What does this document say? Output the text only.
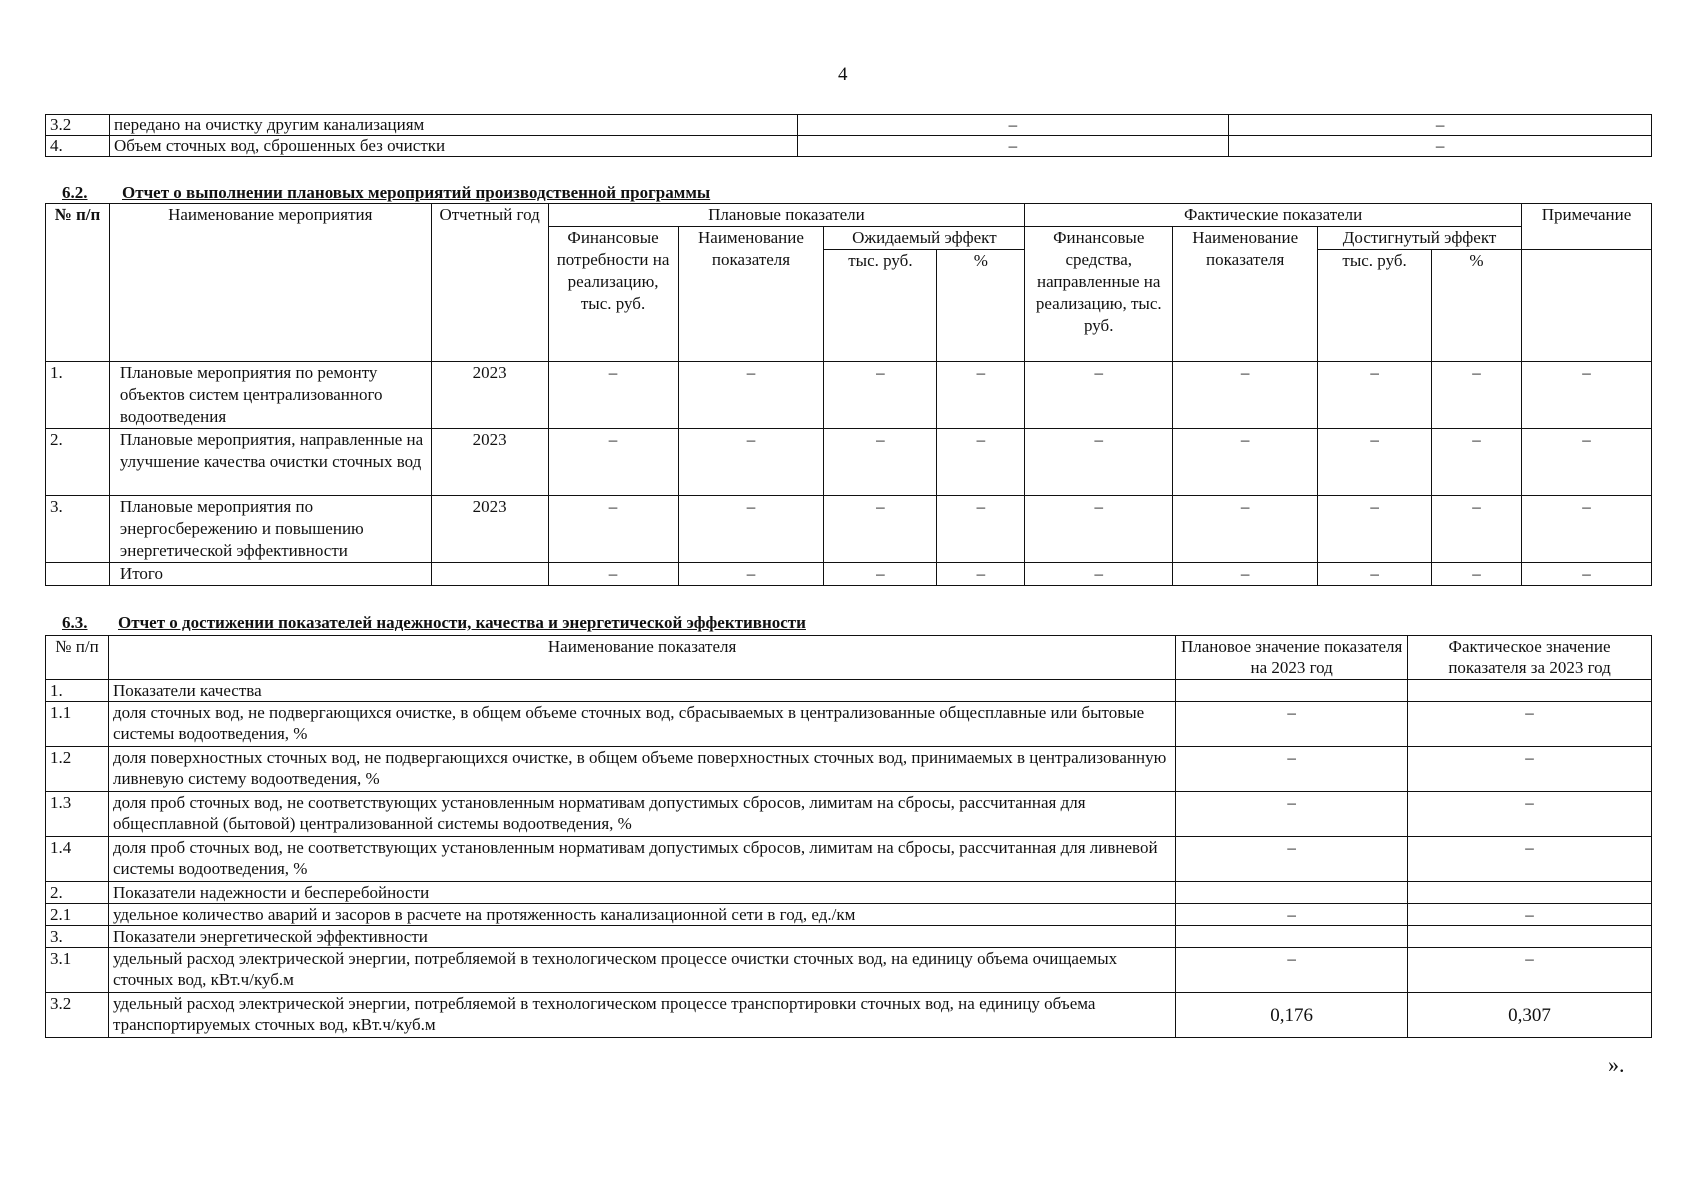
4
3.2	передано на очистку другим канализациям	–	–
4.	Объем сточных вод, сброшенных без очистки	–	–
6.2. Отчет о выполнении плановых мероприятий производственной программы
№ п/п	Наименование мероприятия	Отчетный год	Плановые показатели				Фактические показатели				Примечание
			Финансовые потребности на реализацию, тыс. руб.	Наименование показателя	Ожидаемый эффект		Финансовые средства, направленные на реализацию, тыс. руб.	Наименование показателя	Достигнутый эффект		
					тыс. руб.	%			тыс. руб.	%	
1.	Плановые мероприятия по ремонту объектов систем централизованного водоотведения	2023	–	–	–	–	–	–	–	–	–
2.	Плановые мероприятия, направленные на улучшение качества очистки сточных вод	2023	–	–	–	–	–	–	–	–	–
3.	Плановые мероприятия по энергосбережению и повышению энергетической эффективности	2023	–	–	–	–	–	–	–	–	–
	Итого		–	–	–	–	–	–	–	–	–
6.3. Отчет о достижении показателей надежности, качества и энергетической эффективности
№ п/п	Наименование показателя	Плановое значение показателя на 2023 год	Фактическое значение показателя за 2023 год
1.	Показатели качества		
1.1	доля сточных вод, не подвергающихся очистке, в общем объеме сточных вод, сбрасываемых в централизованные общесплавные или бытовые системы водоотведения, %	–	–
1.2	доля поверхностных сточных вод, не подвергающихся очистке, в общем объеме поверхностных сточных вод, принимаемых в централизованную ливневую систему водоотведения, %	–	–
1.3	доля проб сточных вод, не соответствующих установленным нормативам допустимых сбросов, лимитам на сбросы, рассчитанная для общесплавной (бытовой) централизованной системы водоотведения, %	–	–
1.4	доля проб сточных вод, не соответствующих установленным нормативам допустимых сбросов, лимитам на сбросы, рассчитанная для ливневой системы водоотведения, %	–	–
2.	Показатели надежности и бесперебойности		
2.1	удельное количество аварий и засоров в расчете на протяженность канализационной сети в год, ед./км	–	–
3.	Показатели энергетической эффективности		
3.1	удельный расход электрической энергии, потребляемой в технологическом процессе очистки сточных вод, на единицу объема очищаемых сточных вод, кВт.ч/куб.м	–	–
3.2	удельный расход электрической энергии, потребляемой в технологическом процессе транспортировки сточных вод, на единицу объема транспортируемых сточных вод, кВт.ч/куб.м	0,176	0,307
».
